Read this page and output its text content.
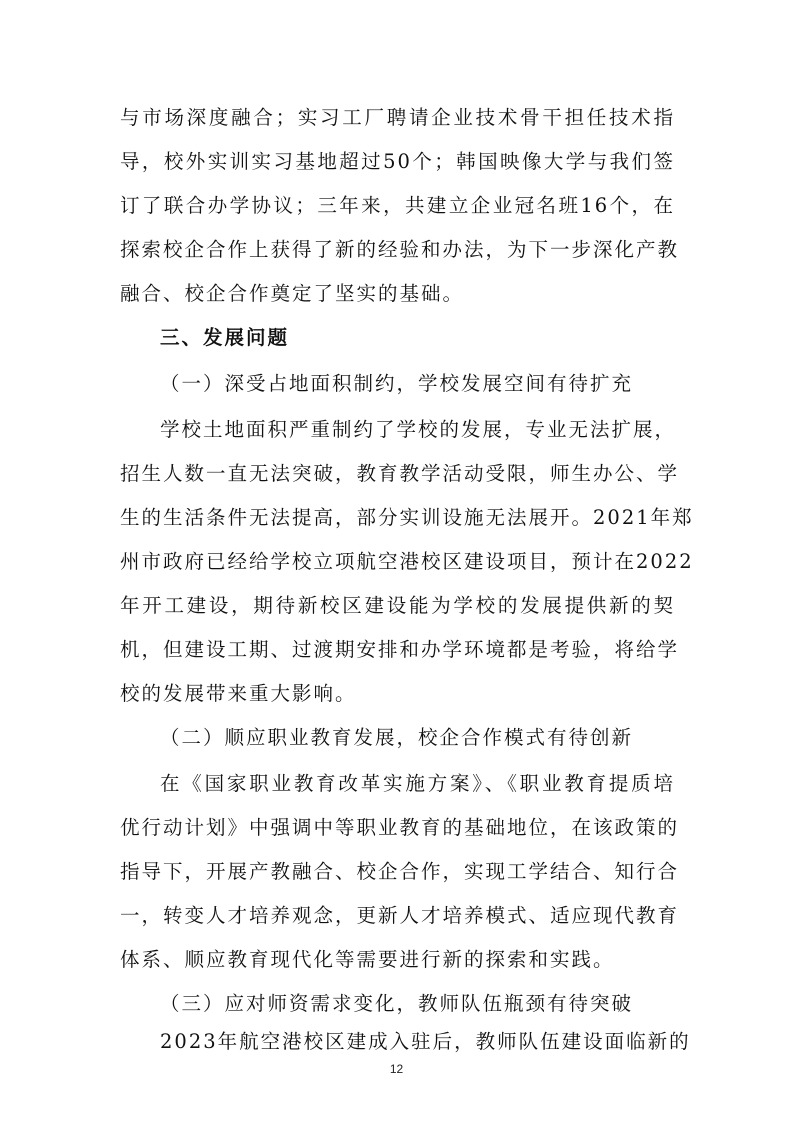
与市场深度融合；实习工厂聘请企业技术骨干担任技术指
导，校外实训实习基地超过50个；韩国映像大学与我们签
订了联合办学协议；三年来，共建立企业冠名班16个，在
探索校企合作上获得了新的经验和办法，为下一步深化产教
融合、校企合作奠定了坚实的基础。
三、发展问题
（一）深受占地面积制约，学校发展空间有待扩充
学校土地面积严重制约了学校的发展，专业无法扩展，
招生人数一直无法突破，教育教学活动受限，师生办公、学
生的生活条件无法提高，部分实训设施无法展开。2021年郑
州市政府已经给学校立项航空港校区建设项目，预计在2022
年开工建设，期待新校区建设能为学校的发展提供新的契
机，但建设工期、过渡期安排和办学环境都是考验，将给学
校的发展带来重大影响。
（二）顺应职业教育发展，校企合作模式有待创新
在《国家职业教育改革实施方案》、《职业教育提质培
优行动计划》中强调中等职业教育的基础地位，在该政策的
指导下，开展产教融合、校企合作，实现工学结合、知行合
一，转变人才培养观念，更新人才培养模式、适应现代教育
体系、顺应教育现代化等需要进行新的探索和实践。
（三）应对师资需求变化，教师队伍瓶颈有待突破
2023年航空港校区建成入驻后，教师队伍建设面临新的
12
